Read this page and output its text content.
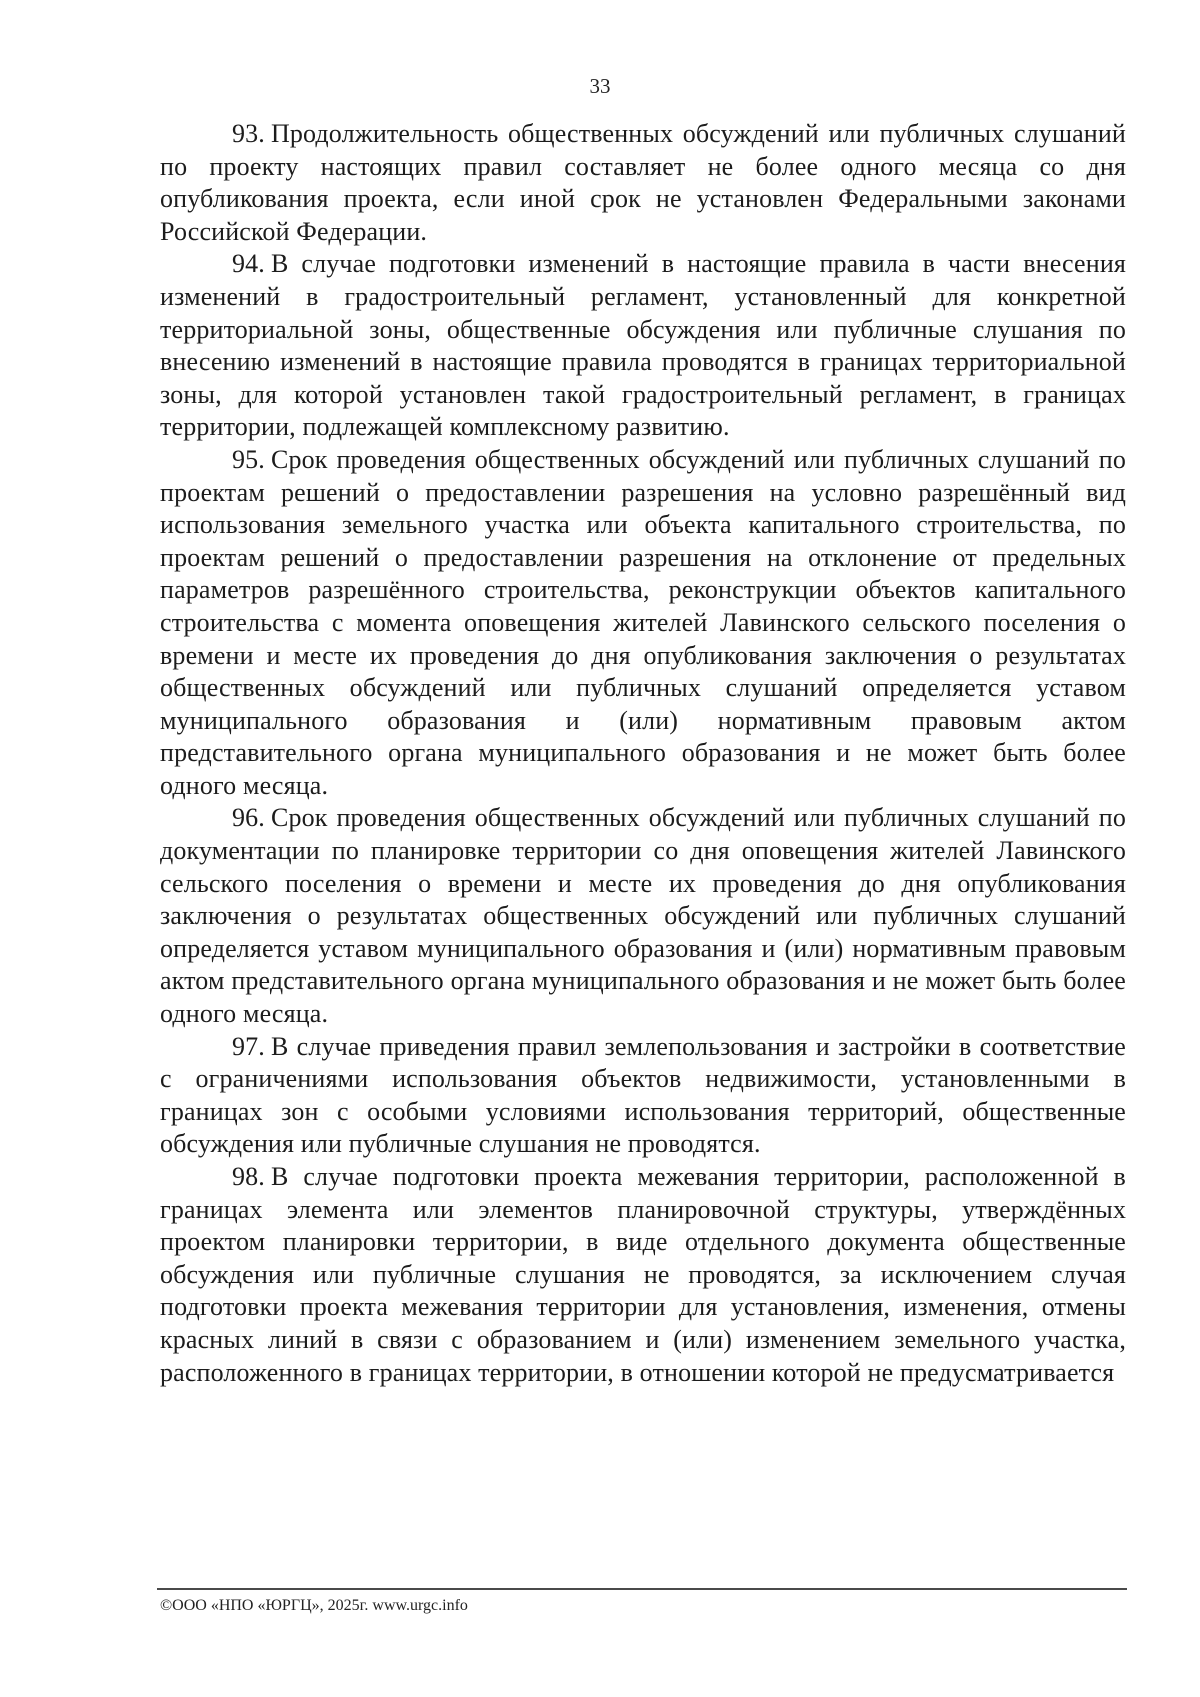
33

93. Продолжительность общественных обсуждений или публичных слушаний по проекту настоящих правил составляет не более одного месяца со дня опубликования проекта, если иной срок не установлен Федеральными законами Российской Федерации.

94. В случае подготовки изменений в настоящие правила в части внесения изменений в градостроительный регламент, установленный для конкретной территориальной зоны, общественные обсуждения или публичные слушания по внесению изменений в настоящие правила проводятся в границах территориальной зоны, для которой установлен такой градостроительный регламент, в границах территории, подлежащей комплексному развитию.

95. Срок проведения общественных обсуждений или публичных слушаний по проектам решений о предоставлении разрешения на условно разрешённый вид использования земельного участка или объекта капитального строительства, по проектам решений о предоставлении разрешения на отклонение от предельных параметров разрешённого строительства, реконструкции объектов капитального строительства с момента оповещения жителей Лавинского сельского поселения о времени и месте их проведения до дня опубликования заключения о результатах общественных обсуждений или публичных слушаний определяется уставом муниципального образования и (или) нормативным правовым актом представительного органа муниципального образования и не может быть более одного месяца.

96. Срок проведения общественных обсуждений или публичных слушаний по документации по планировке территории со дня оповещения жителей Лавинского сельского поселения о времени и месте их проведения до дня опубликования заключения о результатах общественных обсуждений или публичных слушаний определяется уставом муниципального образования и (или) нормативным правовым актом представительного органа муниципального образования и не может быть более одного месяца.

97. В случае приведения правил землепользования и застройки в соответствие с ограничениями использования объектов недвижимости, установленными в границах зон с особыми условиями использования территорий, общественные обсуждения или публичные слушания не проводятся.

98. В случае подготовки проекта межевания территории, расположенной в границах элемента или элементов планировочной структуры, утверждённых проектом планировки территории, в виде отдельного документа общественные обсуждения или публичные слушания не проводятся, за исключением случая подготовки проекта межевания территории для установления, изменения, отмены красных линий в связи с образованием и (или) изменением земельного участка, расположенного в границах территории, в отношении которой не предусматривается

©ООО «НПО «ЮРГЦ», 2025г. www.urgc.info
